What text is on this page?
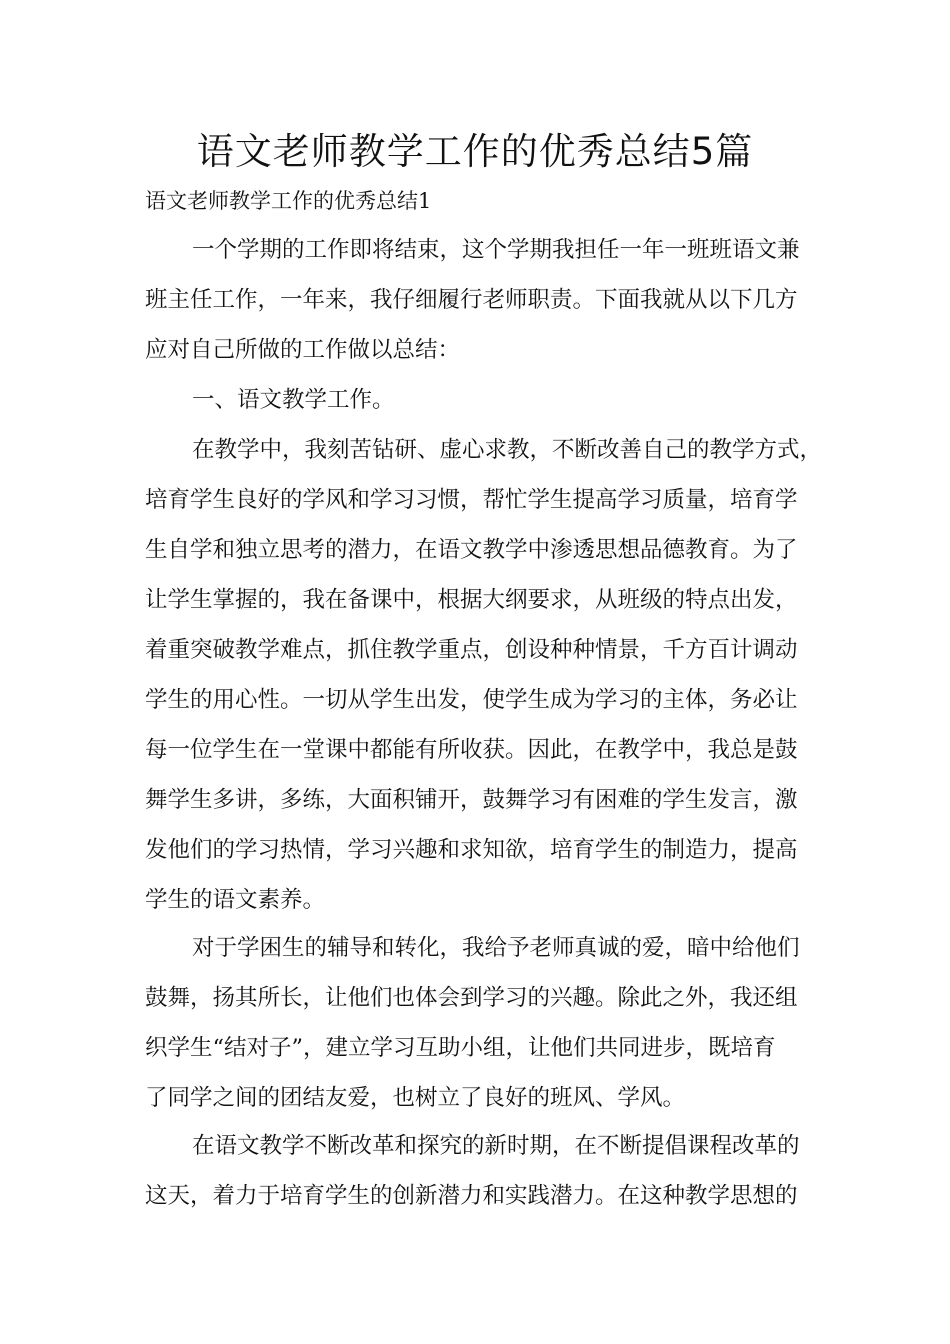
语文老师教学工作的优秀总结5篇

语文老师教学工作的优秀总结1

一个学期的工作即将结束，这个学期我担任一年一班班语文兼

班主任工作，一年来，我仔细履行老师职责。下面我就从以下几方

应对自己所做的工作做以总结：

一、语文教学工作。

在教学中，我刻苦钻研、虚心求教，不断改善自己的教学方式，

培育学生良好的学风和学习习惯，帮忙学生提高学习质量，培育学

生自学和独立思考的潜力，在语文教学中渗透思想品德教育。为了

让学生掌握的，我在备课中，根据大纲要求，从班级的特点出发，

着重突破教学难点，抓住教学重点，创设种种情景，千方百计调动

学生的用心性。一切从学生出发，使学生成为学习的主体，务必让

每一位学生在一堂课中都能有所收获。因此，在教学中，我总是鼓

舞学生多讲，多练，大面积铺开，鼓舞学习有困难的学生发言，激

发他们的学习热情，学习兴趣和求知欲，培育学生的制造力，提高

学生的语文素养。

对于学困生的辅导和转化，我给予老师真诚的爱，暗中给他们

鼓舞，扬其所长，让他们也体会到学习的兴趣。除此之外，我还组

织学生“结对子”，建立学习互助小组，让他们共同进步，既培育

了同学之间的团结友爱，也树立了良好的班风、学风。

在语文教学不断改革和探究的新时期，在不断提倡课程改革的

这天，着力于培育学生的创新潜力和实践潜力。在这种教学思想的
